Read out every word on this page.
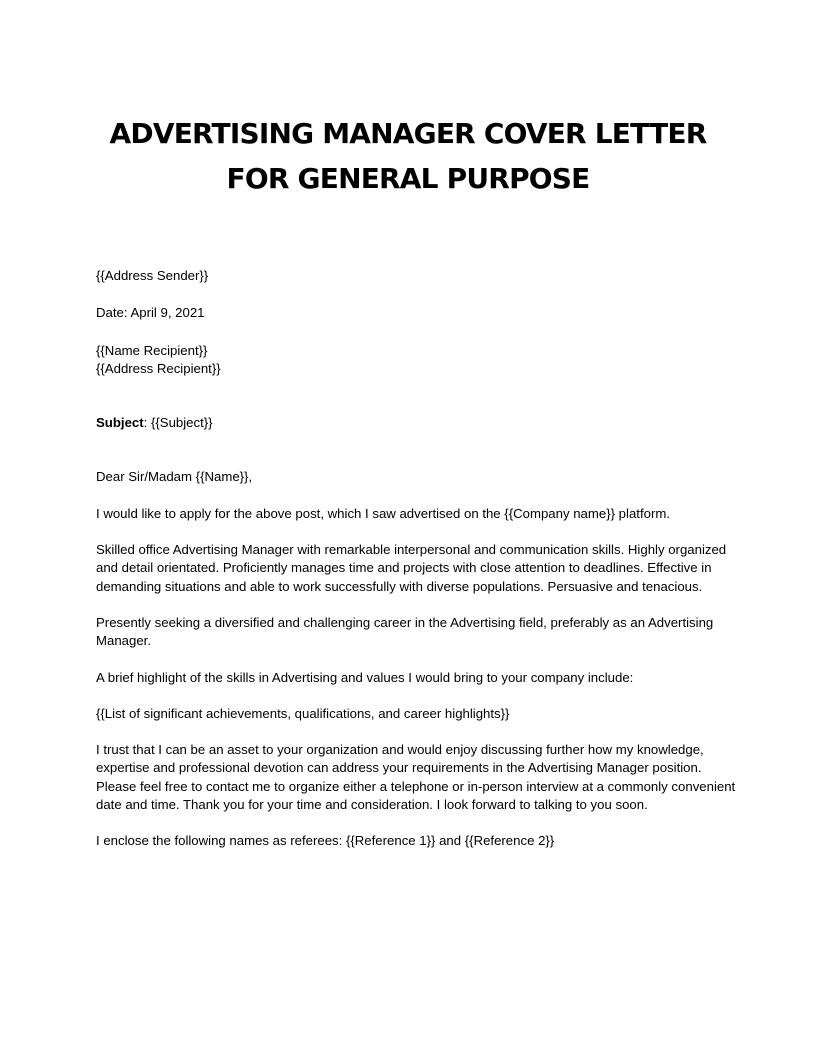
ADVERTISING MANAGER COVER LETTER
FOR GENERAL PURPOSE

{{Address Sender}}

Date: April 9, 2021

{{Name Recipient}}

{{Address Recipient}}

Subject: {{Subject}}

Dear Sir/Madam {{Name}},

I would like to apply for the above post, which I saw advertised on the {{Company name}} platform.

Skilled office Advertising Manager with remarkable interpersonal and communication skills. Highly organized and detail orientated. Proficiently manages time and projects with close attention to deadlines. Effective in demanding situations and able to work successfully with diverse populations. Persuasive and tenacious.

Presently seeking a diversified and challenging career in the Advertising field, preferably as an Advertising Manager.

A brief highlight of the skills in Advertising and values I would bring to your company include:

{{List of significant achievements, qualifications, and career highlights}}

I trust that I can be an asset to your organization and would enjoy discussing further how my knowledge, expertise and professional devotion can address your requirements in the Advertising Manager position. Please feel free to contact me to organize either a telephone or in-person interview at a commonly convenient date and time. Thank you for your time and consideration. I look forward to talking to you soon.

I enclose the following names as referees: {{Reference 1}} and {{Reference 2}}
